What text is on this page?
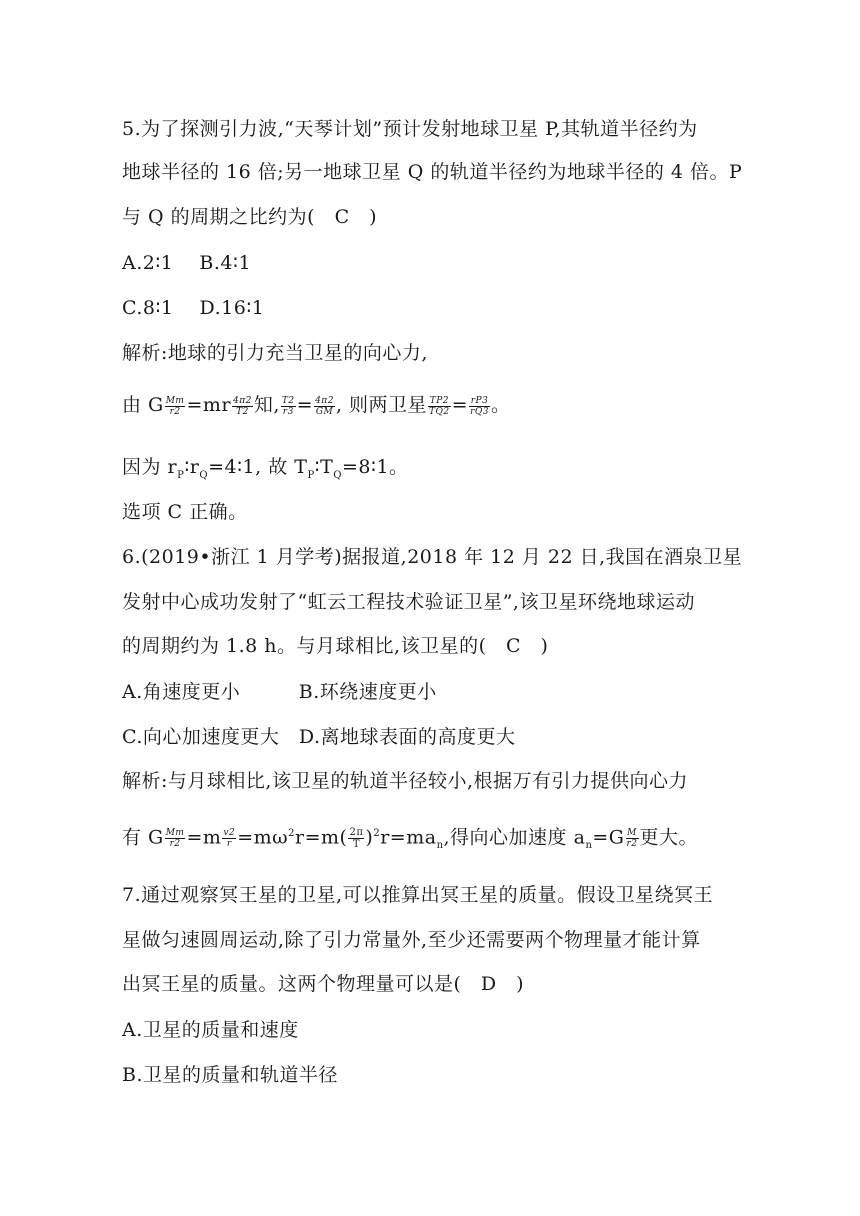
5.为了探测引力波,“天琴计划”预计发射地球卫星 P,其轨道半径约为
地球半径的 16 倍;另一地球卫星 Q 的轨道半径约为地球半径的 4 倍。P
与 Q 的周期之比约为(　C　)
A.2∶1　 B.4∶1
C.8∶1　 D.16∶1
解析:地球的引力充当卫星的向心力,
由 G $\frac{Mm}{r2} =mr \frac{4\pi 2}{T2}$ 知, $\frac{T2}{r3} = \frac{4\pi 2}{GM}$ , 则两卫星 $\frac{TP2}{TQ2} = \frac{rP3}{rQ3}$ 。
因为 $r_P∶r_Q=4∶1$, 故 $T_P∶T_Q=8∶1$。
选项 C 正确。
6.(2019•浙江 1 月学考)据报道,2018 年 12 月 22 日,我国在酒泉卫星
发射中心成功发射了“虹云工程技术验证卫星”,该卫星环绕地球运动
的周期约为 1.8 h。与月球相比,该卫星的(　C　)
A.角速度更小　　　B.环绕速度更小
C.向心加速度更大　D.离地球表面的高度更大
解析:与月球相比,该卫星的轨道半径较小,根据万有引力提供向心力
有 G $\frac{Mm}{r2} =m \frac{v2}{r} =m\omega^2r=m( \frac{2\pi}{T} )^2r=ma_n$,得向心加速度 $a_n=G \frac{M}{r2}$ 更大。
7.通过观察冥王星的卫星,可以推算出冥王星的质量。假设卫星绕冥王
星做匀速圆周运动,除了引力常量外,至少还需要两个物理量才能计算
出冥王星的质量。这两个物理量可以是(　D　)
A.卫星的质量和速度
B.卫星的质量和轨道半径
